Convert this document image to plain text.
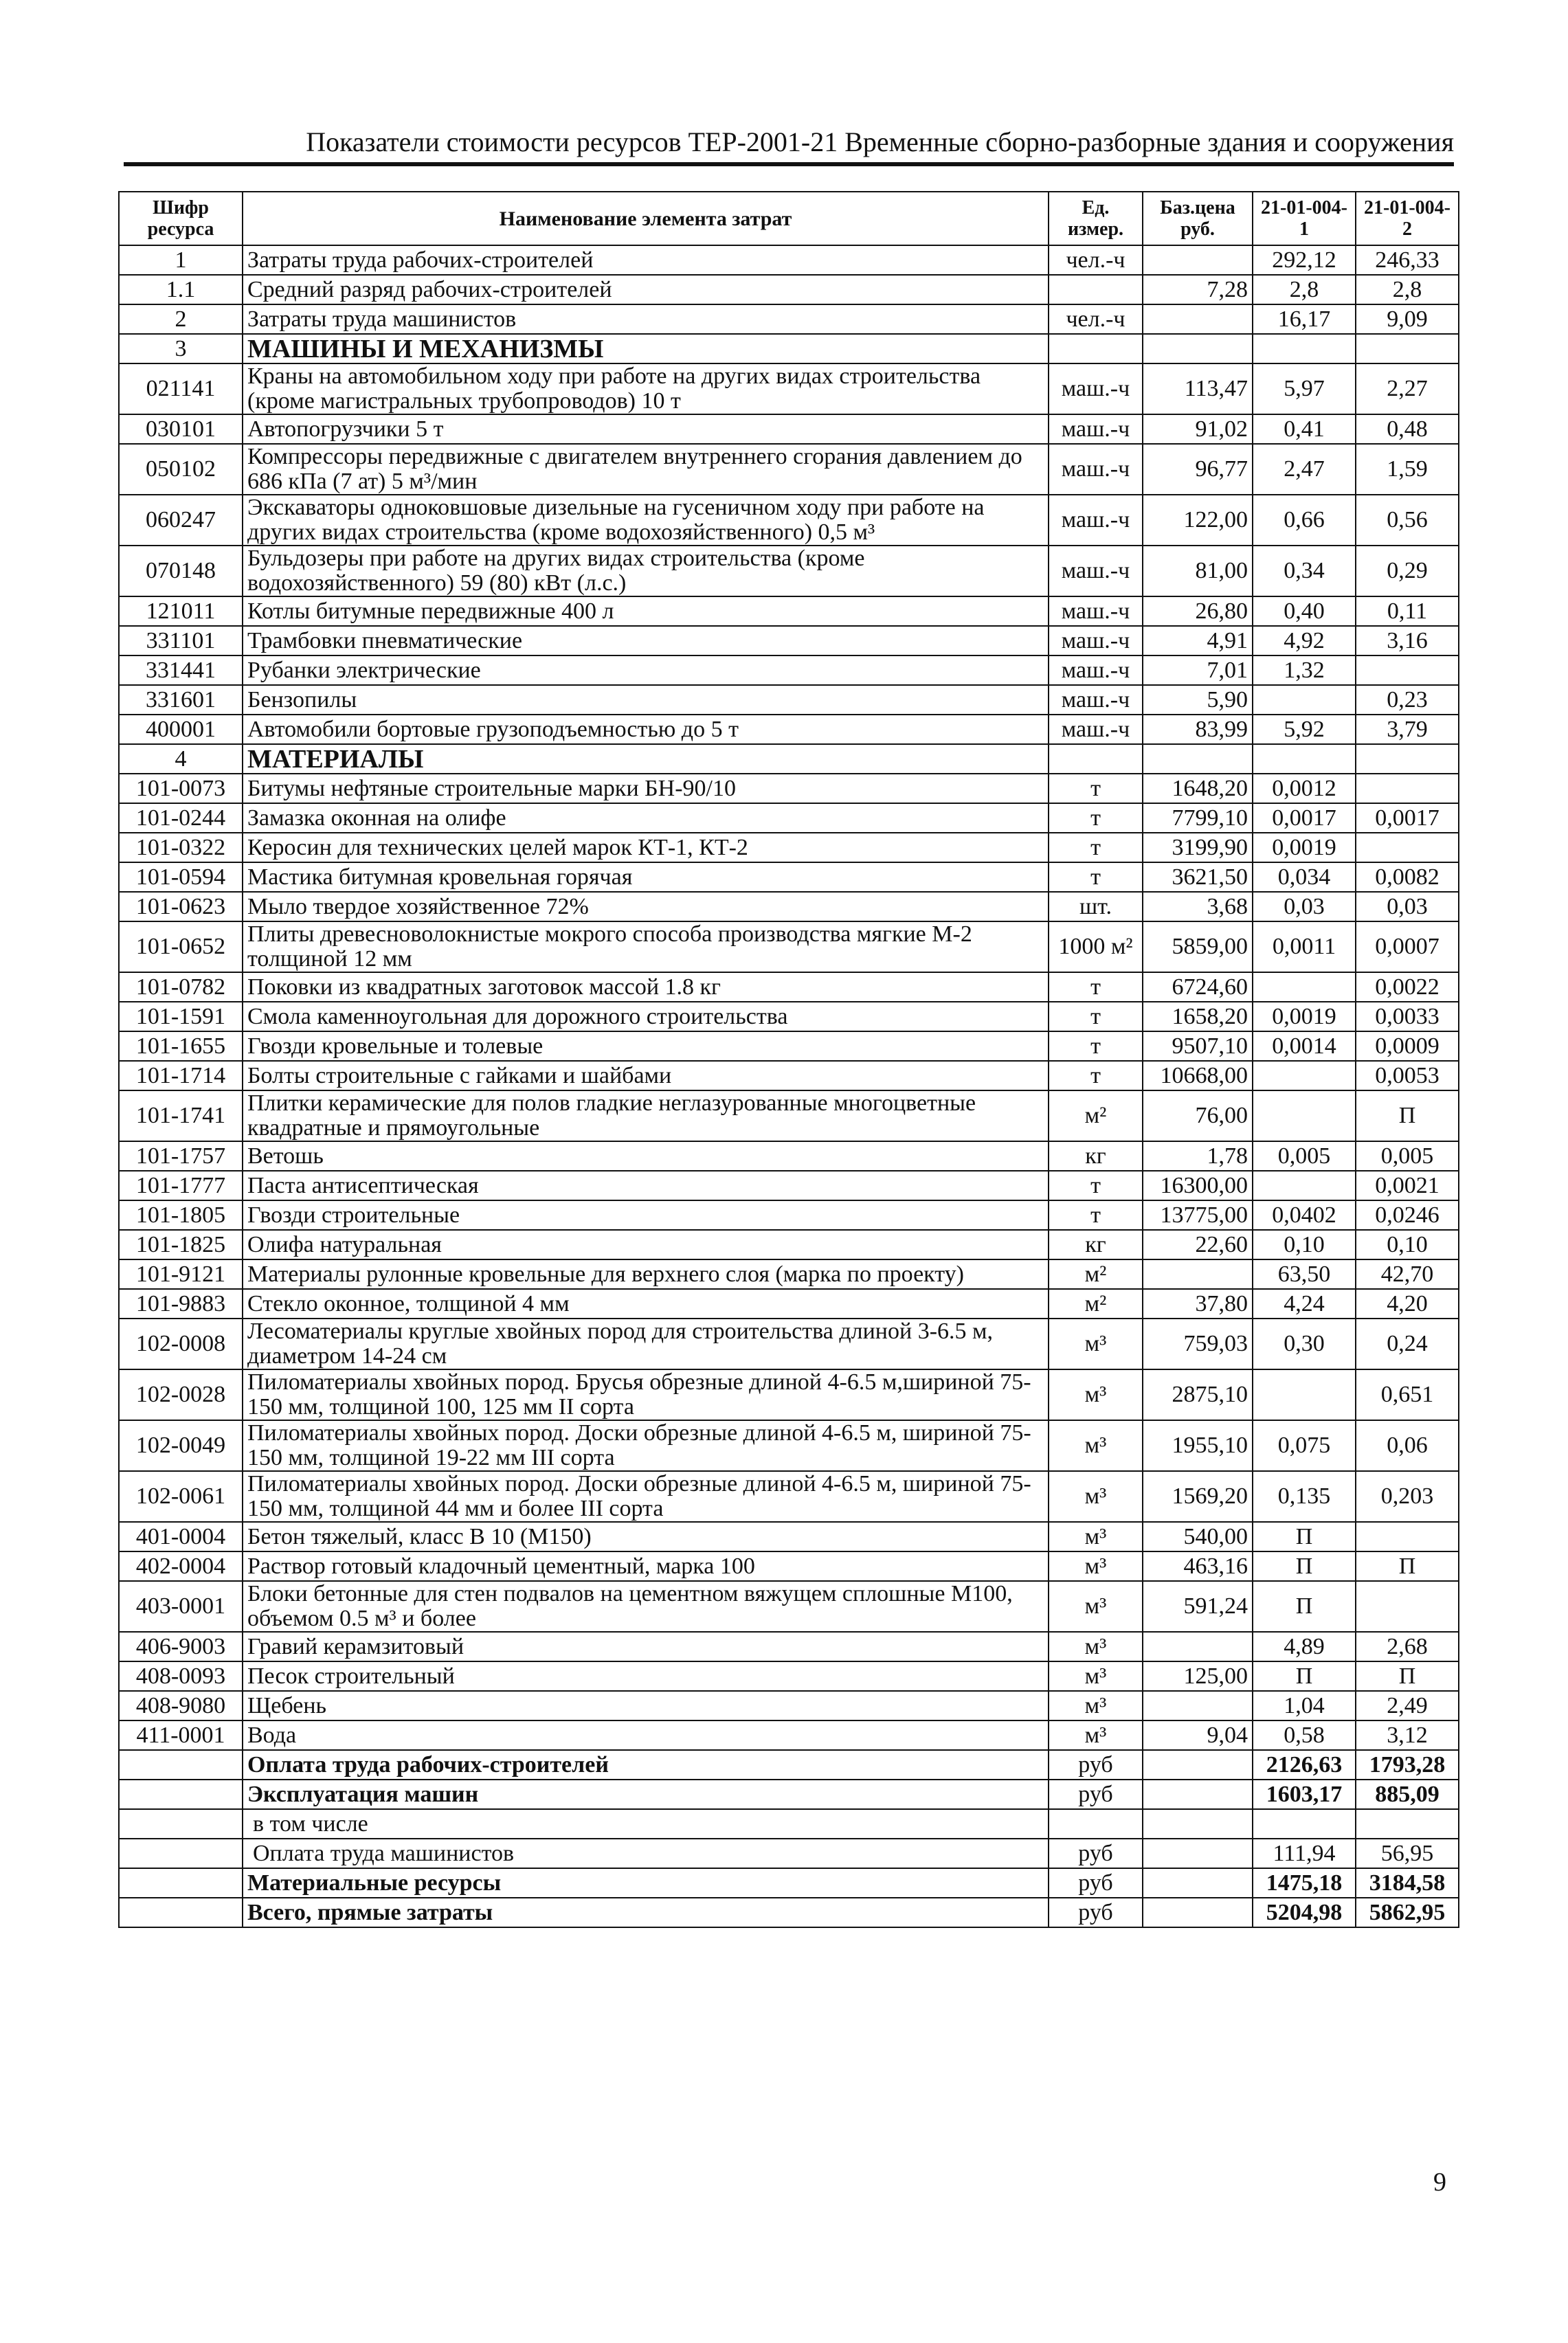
Показатели стоимости ресурсов ТЕР-2001-21 Временные сборно-разборные здания и сооружения
Шифр ресурса	Наименование элемента затрат	Ед. измер.	Баз.цена руб.	21-01-004-1	21-01-004-2
1	Затраты труда рабочих-строителей	чел.-ч		292,12	246,33
1.1	Средний разряд рабочих-строителей		7,28	2,8	2,8
2	Затраты труда машинистов	чел.-ч		16,17	9,09
3	МАШИНЫ И МЕХАНИЗМЫ				
021141	Краны на автомобильном ходу при работе на других видах строительства (кроме магистральных трубопроводов) 10 т	маш.-ч	113,47	5,97	2,27
030101	Автопогрузчики 5 т	маш.-ч	91,02	0,41	0,48
050102	Компрессоры передвижные с двигателем внутреннего сгорания давлением до 686 кПа (7 ат) 5 м³/мин	маш.-ч	96,77	2,47	1,59
060247	Экскаваторы одноковшовые дизельные на гусеничном ходу при работе на других видах строительства (кроме водохозяйственного) 0,5 м³	маш.-ч	122,00	0,66	0,56
070148	Бульдозеры при работе на других видах строительства (кроме водохозяйственного) 59 (80) кВт (л.с.)	маш.-ч	81,00	0,34	0,29
121011	Котлы битумные передвижные 400 л	маш.-ч	26,80	0,40	0,11
331101	Трамбовки пневматические	маш.-ч	4,91	4,92	3,16
331441	Рубанки электрические	маш.-ч	7,01	1,32	
331601	Бензопилы	маш.-ч	5,90		0,23
400001	Автомобили бортовые грузоподъемностью до 5 т	маш.-ч	83,99	5,92	3,79
4	МАТЕРИАЛЫ				
101-0073	Битумы нефтяные строительные марки БН-90/10	т	1648,20	0,0012	
101-0244	Замазка оконная на олифе	т	7799,10	0,0017	0,0017
101-0322	Керосин для технических целей марок КТ-1, КТ-2	т	3199,90	0,0019	
101-0594	Мастика битумная кровельная горячая	т	3621,50	0,034	0,0082
101-0623	Мыло твердое хозяйственное 72%	шт.	3,68	0,03	0,03
101-0652	Плиты древесноволокнистые мокрого способа производства мягкие М-2 толщиной 12 мм	1000 м²	5859,00	0,0011	0,0007
101-0782	Поковки из квадратных заготовок массой 1.8 кг	т	6724,60		0,0022
101-1591	Смола каменноугольная для дорожного строительства	т	1658,20	0,0019	0,0033
101-1655	Гвозди кровельные и толевые	т	9507,10	0,0014	0,0009
101-1714	Болты строительные с гайками и шайбами	т	10668,00		0,0053
101-1741	Плитки керамические для полов гладкие неглазурованные многоцветные квадратные и прямоугольные	м²	76,00		П
101-1757	Ветошь	кг	1,78	0,005	0,005
101-1777	Паста антисептическая	т	16300,00		0,0021
101-1805	Гвозди строительные	т	13775,00	0,0402	0,0246
101-1825	Олифа натуральная	кг	22,60	0,10	0,10
101-9121	Материалы рулонные кровельные для верхнего слоя (марка по проекту)	м²		63,50	42,70
101-9883	Стекло оконное, толщиной 4 мм	м²	37,80	4,24	4,20
102-0008	Лесоматериалы круглые хвойных пород для строительства длиной 3-6.5 м, диаметром 14-24 см	м³	759,03	0,30	0,24
102-0028	Пиломатериалы хвойных пород. Брусья обрезные длиной 4-6.5 м,шириной 75-150 мм, толщиной 100, 125 мм II сорта	м³	2875,10		0,651
102-0049	Пиломатериалы хвойных пород. Доски обрезные длиной 4-6.5 м, шириной 75-150 мм, толщиной 19-22 мм III сорта	м³	1955,10	0,075	0,06
102-0061	Пиломатериалы хвойных пород. Доски обрезные длиной 4-6.5 м, шириной 75-150 мм, толщиной 44 мм и более III сорта	м³	1569,20	0,135	0,203
401-0004	Бетон тяжелый, класс В 10 (М150)	м³	540,00	П	
402-0004	Раствор готовый кладочный цементный, марка 100	м³	463,16	П	П
403-0001	Блоки бетонные для стен подвалов на цементном вяжущем сплошные М100, объемом 0.5 м³ и более	м³	591,24	П	
406-9003	Гравий керамзитовый	м³		4,89	2,68
408-0093	Песок строительный	м³	125,00	П	П
408-9080	Щебень	м³		1,04	2,49
411-0001	Вода	м³	9,04	0,58	3,12
	Оплата труда рабочих-строителей	руб		2126,63	1793,28
	Эксплуатация машин	руб		1603,17	885,09
	в том числе				
	Оплата труда машинистов	руб		111,94	56,95
	Материальные ресурсы	руб		1475,18	3184,58
	Всего, прямые затраты	руб		5204,98	5862,95
9
